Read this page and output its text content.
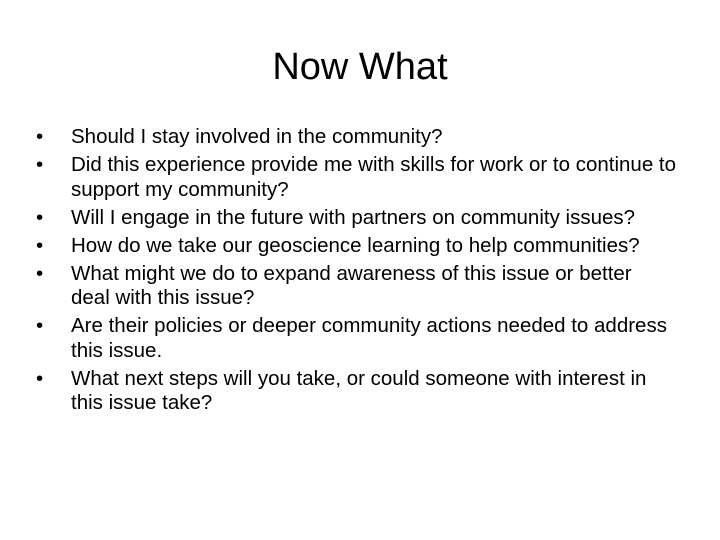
Now What
•	Should I stay involved in the community?
•	Did this experience provide me with skills for work or to continue to support my community?
•	Will I engage in the future with partners on community issues?
•	How do we take our geoscience learning to help communities?
•	What might we do to expand awareness of this issue or better deal with this issue?
•	Are their policies or deeper community actions needed to address this issue.
•	What next steps will you take, or could someone with interest in this issue take?
